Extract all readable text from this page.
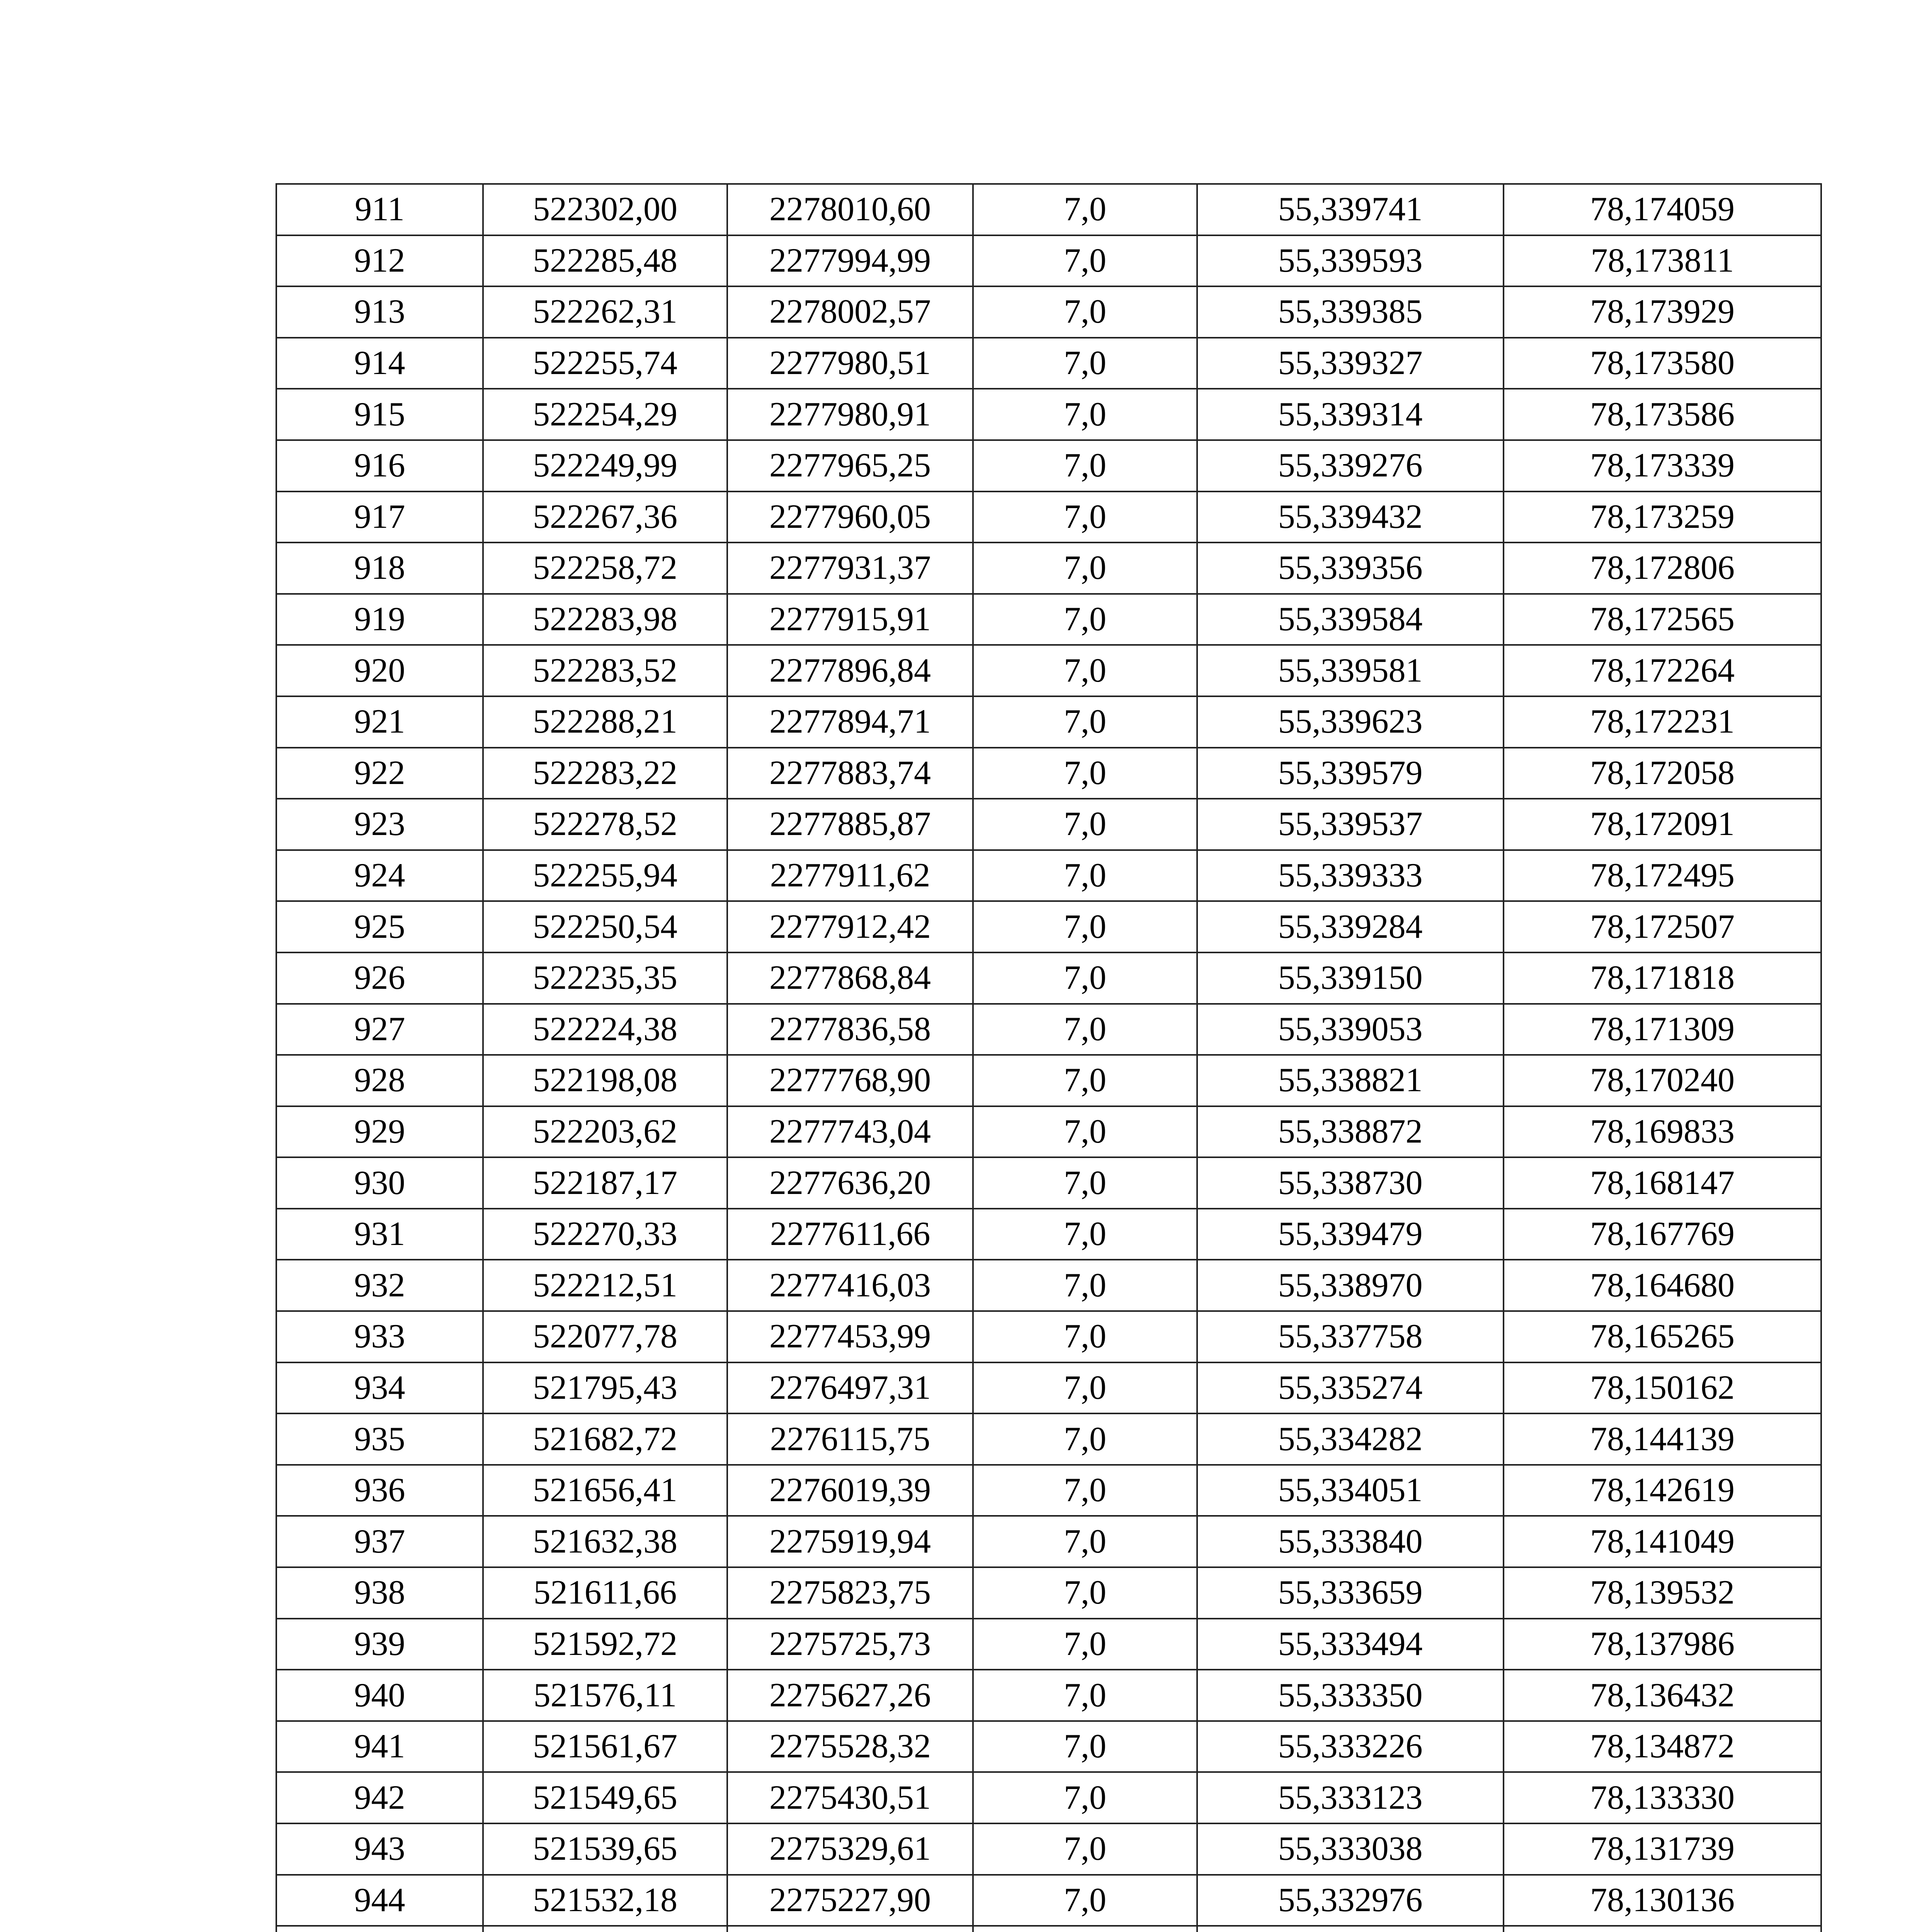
911	522302,00	2278010,60	7,0	55,339741	78,174059
912	522285,48	2277994,99	7,0	55,339593	78,173811
913	522262,31	2278002,57	7,0	55,339385	78,173929
914	522255,74	2277980,51	7,0	55,339327	78,173580
915	522254,29	2277980,91	7,0	55,339314	78,173586
916	522249,99	2277965,25	7,0	55,339276	78,173339
917	522267,36	2277960,05	7,0	55,339432	78,173259
918	522258,72	2277931,37	7,0	55,339356	78,172806
919	522283,98	2277915,91	7,0	55,339584	78,172565
920	522283,52	2277896,84	7,0	55,339581	78,172264
921	522288,21	2277894,71	7,0	55,339623	78,172231
922	522283,22	2277883,74	7,0	55,339579	78,172058
923	522278,52	2277885,87	7,0	55,339537	78,172091
924	522255,94	2277911,62	7,0	55,339333	78,172495
925	522250,54	2277912,42	7,0	55,339284	78,172507
926	522235,35	2277868,84	7,0	55,339150	78,171818
927	522224,38	2277836,58	7,0	55,339053	78,171309
928	522198,08	2277768,90	7,0	55,338821	78,170240
929	522203,62	2277743,04	7,0	55,338872	78,169833
930	522187,17	2277636,20	7,0	55,338730	78,168147
931	522270,33	2277611,66	7,0	55,339479	78,167769
932	522212,51	2277416,03	7,0	55,338970	78,164680
933	522077,78	2277453,99	7,0	55,337758	78,165265
934	521795,43	2276497,31	7,0	55,335274	78,150162
935	521682,72	2276115,75	7,0	55,334282	78,144139
936	521656,41	2276019,39	7,0	55,334051	78,142619
937	521632,38	2275919,94	7,0	55,333840	78,141049
938	521611,66	2275823,75	7,0	55,333659	78,139532
939	521592,72	2275725,73	7,0	55,333494	78,137986
940	521576,11	2275627,26	7,0	55,333350	78,136432
941	521561,67	2275528,32	7,0	55,333226	78,134872
942	521549,65	2275430,51	7,0	55,333123	78,133330
943	521539,65	2275329,61	7,0	55,333038	78,131739
944	521532,18	2275227,90	7,0	55,332976	78,130136
